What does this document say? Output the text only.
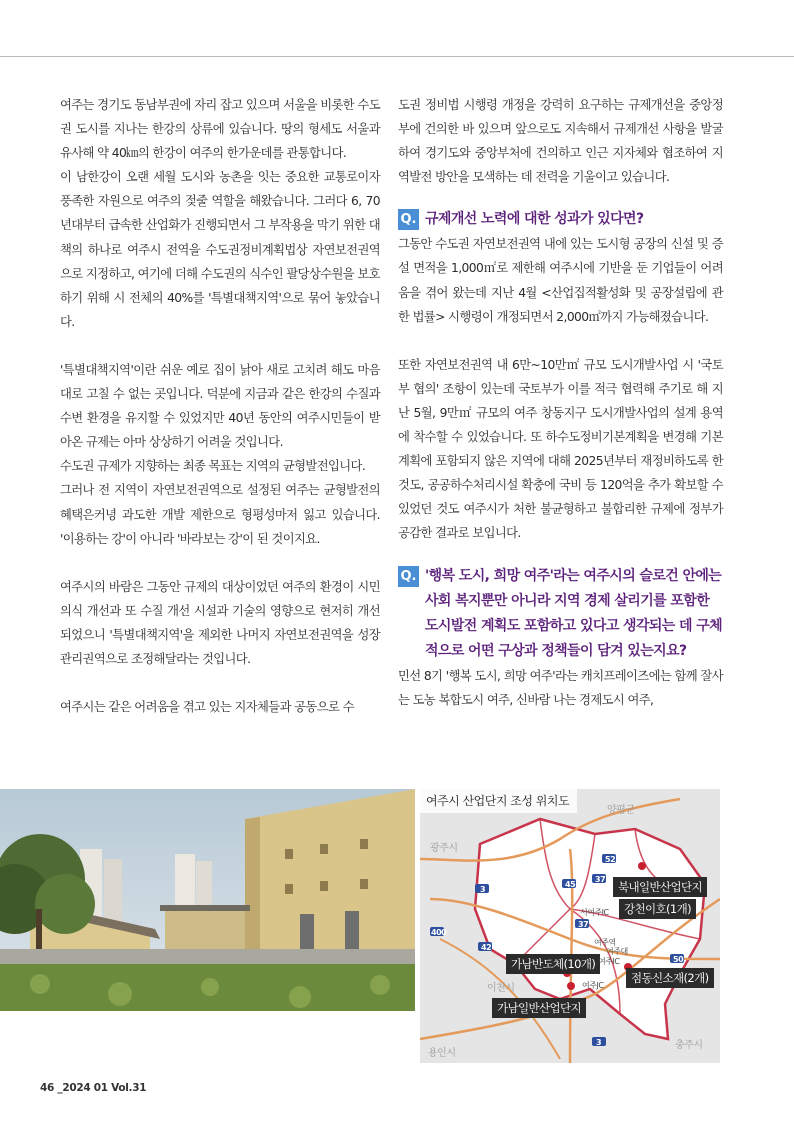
여주는 경기도 동남부권에 자리 잡고 있으며 서울을 비롯한 수도권 도시를 지나는 한강의 상류에 있습니다. 땅의 형세도 서울과 유사해 약 40㎞의 한강이 여주의 한가운데를 관통합니다.

이 남한강이 오랜 세월 도시와 농촌을 잇는 중요한 교통로이자 풍족한 자원으로 여주의 젖줄 역할을 해왔습니다. 그러다 6, 70년대부터 급속한 산업화가 진행되면서 그 부작용을 막기 위한 대책의 하나로 여주시 전역을 수도권정비계획법상 자연보전권역으로 지정하고, 여기에 더해 수도권의 식수인 팔당상수원을 보호하기 위해 시 전체의 40%를 '특별대책지역'으로 묶어 놓았습니다.

'특별대책지역'이란 쉬운 예로 집이 낡아 새로 고치려 해도 마음대로 고칠 수 없는 곳입니다. 덕분에 지금과 같은 한강의 수질과 수변 환경을 유지할 수 있었지만 40년 동안의 여주시민들이 받아온 규제는 아마 상상하기 어려울 것입니다.

수도권 규제가 지향하는 최종 목표는 지역의 균형발전입니다.

그러나 전 지역이 자연보전권역으로 설정된 여주는 균형발전의 혜택은커녕 과도한 개발 제한으로 형평성마저 잃고 있습니다. '이용하는 강'이 아니라 '바라보는 강'이 된 것이지요.

여주시의 바람은 그동안 규제의 대상이었던 여주의 환경이 시민 의식 개선과 또 수질 개선 시설과 기술의 영향으로 현저히 개선되었으니 '특별대책지역'을 제외한 나머지 자연보전권역을 성장관리권역으로 조정해달라는 것입니다.

여주시는 같은 어려움을 겪고 있는 지자체들과 공동으로 수

도권 정비법 시행령 개정을 강력히 요구하는 규제개선을 중앙정부에 건의한 바 있으며 앞으로도 지속해서 규제개선 사항을 발굴하여 경기도와 중앙부처에 건의하고 인근 지자체와 협조하여 지역발전 방안을 모색하는 데 전력을 기울이고 있습니다.

Q. 규제개선 노력에 대한 성과가 있다면?

그동안 수도권 자연보전권역 내에 있는 도시형 공장의 신설 및 증설 면적을 1,000㎡로 제한해 여주시에 기반을 둔 기업들이 어려움을 겪어 왔는데 지난 4월 <산업집적활성화 및 공장설립에 관한 법률> 시행령이 개정되면서 2,000㎡까지 가능해졌습니다.

또한 자연보전권역 내 6만~10만㎡ 규모 도시개발사업 시 '국토부 협의' 조항이 있는데 국토부가 이를 적극 협력해 주기로 해 지난 5월, 9만㎡ 규모의 여주 창동지구 도시개발사업의 설계 용역에 착수할 수 있었습니다. 또 하수도정비기본계획을 변경해 기본계획에 포함되지 않은 지역에 대해 2025년부터 재정비하도록 한 것도, 공공하수처리시설 확충에 국비 등 120억을 추가 확보할 수 있었던 것도 여주시가 처한 불균형하고 불합리한 규제에 정부가 공감한 결과로 보입니다.

Q. '행복 도시, 희망 여주'라는 여주시의 슬로건 안에는 사회 복지뿐만 아니라 지역 경제 살리기를 포함한 도시발전 계획도 포함하고 있다고 생각되는 데 구체적으로 어떤 구상과 정책들이 담겨 있는지요?

민선 8기 '행복 도시, 희망 여주'라는 캐치프레이즈에는 함께 잘사는 도농 복합도시 여주, 신바람 나는 경제도시 여주,

여주시 산업단지 조성 위치도
양평군
광주시
이천시
용인시
충주시
북내일반산업단지
강천이호(1개)
가남반도체(10개)
점동신소재(2개)
가남일반산업단지
서여주IC
여주역
여주대
여주IC
여주JC
52
45
37
3
400
42
37
50
3
46 _2024 01 Vol.31
